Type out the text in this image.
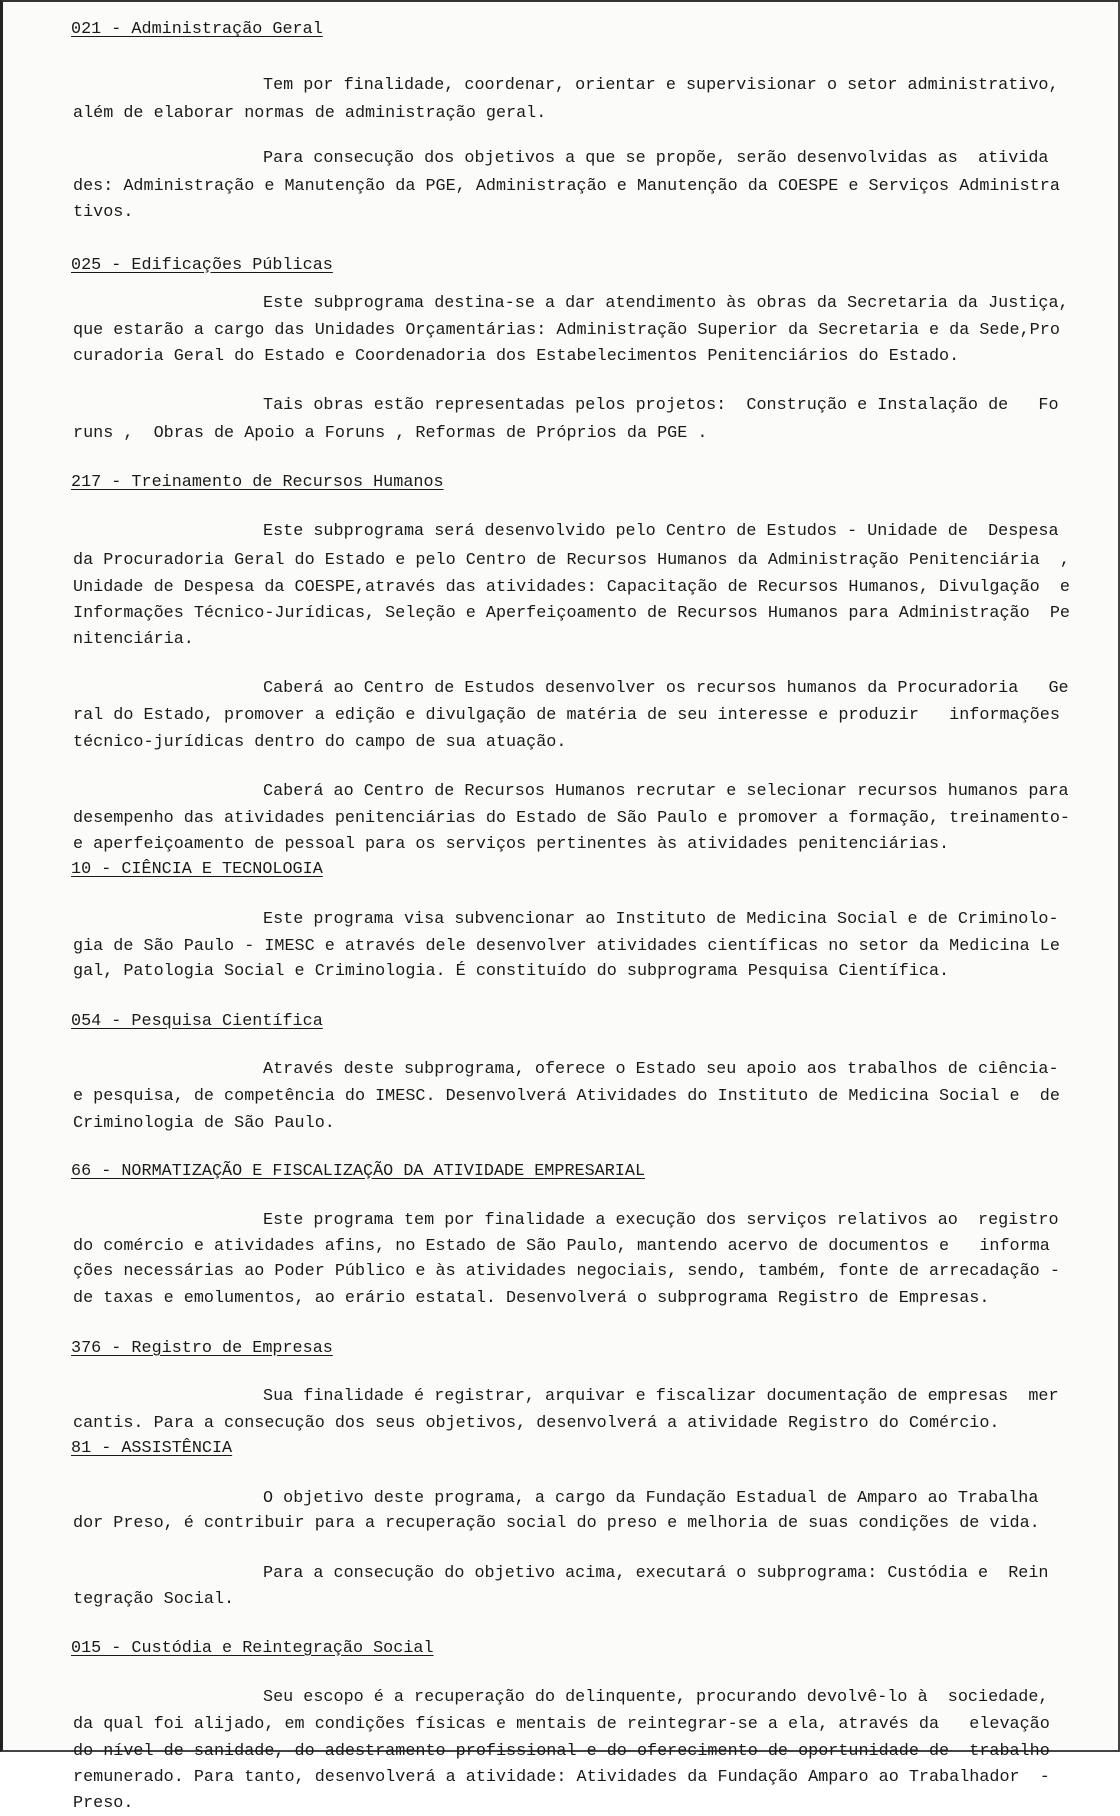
021 - Administração Geral
Tem por finalidade, coordenar, orientar e supervisionar o setor administrativo,
além de elaborar normas de administração geral.
Para consecução dos objetivos a que se propõe, serão desenvolvidas as  ativida
des: Administração e Manutenção da PGE, Administração e Manutenção da COESPE e Serviços Administra
tivos.
025 - Edificações Públicas
Este subprograma destina-se a dar atendimento às obras da Secretaria da Justiça,
que estarão a cargo das Unidades Orçamentárias: Administração Superior da Secretaria e da Sede,Pro
curadoria Geral do Estado e Coordenadoria dos Estabelecimentos Penitenciários do Estado.
Tais obras estão representadas pelos projetos:  Construção e Instalação de   Fo
runs ,  Obras de Apoio a Foruns , Reformas de Próprios da PGE .
217 - Treinamento de Recursos Humanos
Este subprograma será desenvolvido pelo Centro de Estudos - Unidade de  Despesa
da Procuradoria Geral do Estado e pelo Centro de Recursos Humanos da Administração Penitenciária  ,
Unidade de Despesa da COESPE,através das atividades: Capacitação de Recursos Humanos, Divulgação  e
Informações Técnico-Jurídicas, Seleção e Aperfeiçoamento de Recursos Humanos para Administração  Pe
nitenciária.
Caberá ao Centro de Estudos desenvolver os recursos humanos da Procuradoria   Ge
ral do Estado, promover a edição e divulgação de matéria de seu interesse e produzir   informações
técnico-jurídicas dentro do campo de sua atuação.
Caberá ao Centro de Recursos Humanos recrutar e selecionar recursos humanos para
desempenho das atividades penitenciárias do Estado de São Paulo e promover a formação, treinamento-
e aperfeiçoamento de pessoal para os serviços pertinentes às atividades penitenciárias.
10 - CIÊNCIA E TECNOLOGIA
Este programa visa subvencionar ao Instituto de Medicina Social e de Criminolo-
gia de São Paulo - IMESC e através dele desenvolver atividades científicas no setor da Medicina Le
gal, Patologia Social e Criminologia. É constituído do subprograma Pesquisa Científica.
054 - Pesquisa Científica
Através deste subprograma, oferece o Estado seu apoio aos trabalhos de ciência-
e pesquisa, de competência do IMESC. Desenvolverá Atividades do Instituto de Medicina Social e  de
Criminologia de São Paulo.
66 - NORMATIZAÇÃO E FISCALIZAÇÃO DA ATIVIDADE EMPRESARIAL
Este programa tem por finalidade a execução dos serviços relativos ao  registro
do comércio e atividades afins, no Estado de São Paulo, mantendo acervo de documentos e   informa
ções necessárias ao Poder Público e às atividades negociais, sendo, também, fonte de arrecadação -
de taxas e emolumentos, ao erário estatal. Desenvolverá o subprograma Registro de Empresas.
376 - Registro de Empresas
Sua finalidade é registrar, arquivar e fiscalizar documentação de empresas  mer
cantis. Para a consecução dos seus objetivos, desenvolverá a atividade Registro do Comércio.
81 - ASSISTÊNCIA
O objetivo deste programa, a cargo da Fundação Estadual de Amparo ao Trabalha
dor Preso, é contribuir para a recuperação social do preso e melhoria de suas condições de vida.
Para a consecução do objetivo acima, executará o subprograma: Custódia e  Rein
tegração Social.
015 - Custódia e Reintegração Social
Seu escopo é a recuperação do delinquente, procurando devolvê-lo à  sociedade,
da qual foi alijado, em condições físicas e mentais de reintegrar-se a ela, através da   elevação
do nível de sanidade, do adestramento profissional e do oferecimento de oportunidade de  trabalho
remunerado. Para tanto, desenvolverá a atividade: Atividades da Fundação Amparo ao Trabalhador  -
Preso.
